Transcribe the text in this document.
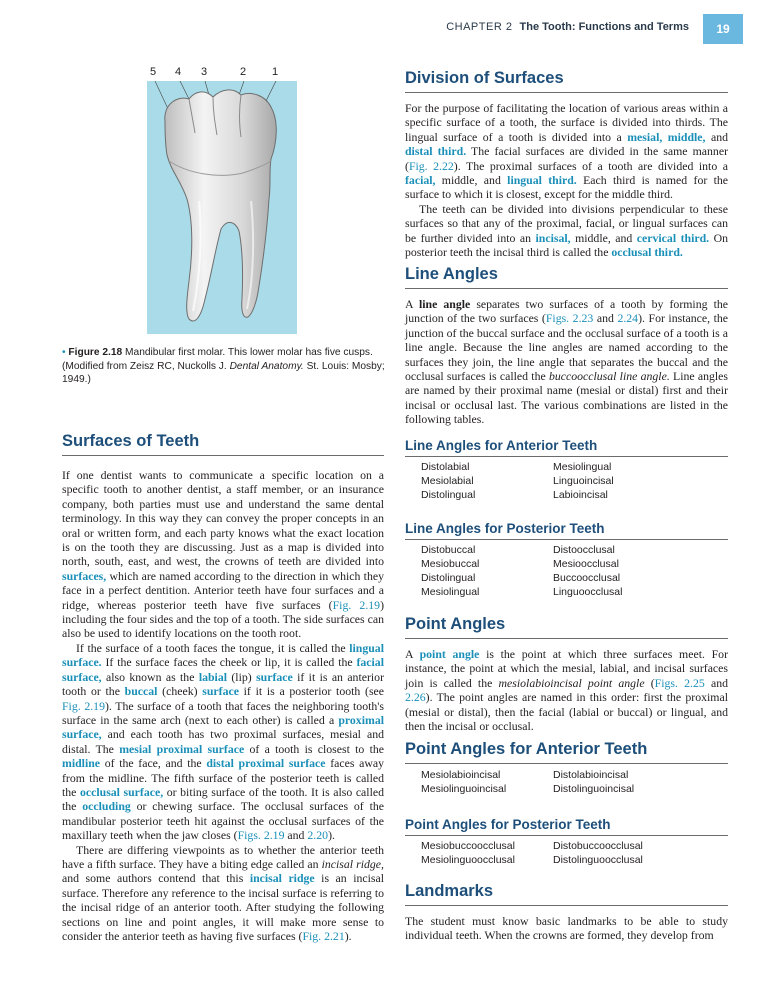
CHAPTER 2 The Tooth: Functions and Terms	19
5 4 3	2 1
• Figure 2.18 Mandibular first molar. This lower molar has five cusps. (Modified from Zeisz RC, Nuckolls J. Dental Anatomy. St. Louis: Mosby; 1949.)
Surfaces of Teeth

If one dentist wants to communicate a specific location on a specific tooth to another dentist, a staff member, or an insurance company, both parties must use and understand the same dental terminology. In this way they can convey the proper concepts in an oral or written form, and each party knows what the exact location is on the tooth they are discussing. Just as a map is divided into north, south, east, and west, the crowns of teeth are divided into surfaces, which are named according to the direction in which they face in a perfect dentition. Anterior teeth have four surfaces and a ridge, whereas posterior teeth have five surfaces (Fig. 2.19) including the four sides and the top of a tooth. The side surfaces can also be used to identify locations on the tooth root.

If the surface of a tooth faces the tongue, it is called the lingual surface. If the surface faces the cheek or lip, it is called the facial surface, also known as the labial (lip) surface if it is an anterior tooth or the buccal (cheek) surface if it is a posterior tooth (see Fig. 2.19). The surface of a tooth that faces the neighboring tooth's surface in the same arch (next to each other) is called a proximal surface, and each tooth has two proximal surfaces, mesial and distal. The mesial proximal surface of a tooth is closest to the midline of the face, and the distal proximal surface faces away from the midline. The fifth surface of the posterior teeth is called the occlusal surface, or biting surface of the tooth. It is also called the occluding or chewing surface. The occlusal surfaces of the mandibular posterior teeth hit against the occlusal surfaces of the maxillary teeth when the jaw closes (Figs. 2.19 and 2.20).

There are differing viewpoints as to whether the anterior teeth have a fifth surface. They have a biting edge called an incisal ridge, and some authors contend that this incisal ridge is an incisal surface. Therefore any reference to the incisal surface is referring to the incisal ridge of an anterior tooth. After studying the following sections on line and point angles, it will make more sense to consider the anterior teeth as having five surfaces (Fig. 2.21).

Division of Surfaces

For the purpose of facilitating the location of various areas within a specific surface of a tooth, the surface is divided into thirds. The lingual surface of a tooth is divided into a mesial, middle, and distal third. The facial surfaces are divided in the same manner (Fig. 2.22). The proximal surfaces of a tooth are divided into a facial, middle, and lingual third. Each third is named for the surface to which it is closest, except for the middle third.

The teeth can be divided into divisions perpendicular to these surfaces so that any of the proximal, facial, or lingual surfaces can be further divided into an incisal, middle, and cervical third. On posterior teeth the incisal third is called the occlusal third.

Line Angles

A line angle separates two surfaces of a tooth by forming the junction of the two surfaces (Figs. 2.23 and 2.24). For instance, the junction of the buccal surface and the occlusal surface of a tooth is a line angle. Because the line angles are named according to the surfaces they join, the line angle that separates the buccal and the occlusal surfaces is called the buccoocclusal line angle. Line angles are named by their proximal name (mesial or distal) first and their incisal or occlusal last. The various combinations are listed in the following tables.

Line Angles for Anterior Teeth
Distolabial
Mesiolabial
Distolingual
Mesiolingual
Linguoincisal
Labioincisal
Line Angles for Posterior Teeth
Distobuccal
Mesiobuccal
Distolingual
Mesiolingual
Distoocclusal
Mesioocclusal
Buccoocclusal
Linguoocclusal
Point Angles

A point angle is the point at which three surfaces meet. For instance, the point at which the mesial, labial, and incisal surfaces join is called the mesiolabioincisal point angle (Figs. 2.25 and 2.26). The point angles are named in this order: first the proximal (mesial or distal), then the facial (labial or buccal) or lingual, and then the incisal or occlusal.

Point Angles for Anterior Teeth
Mesiolabioincisal
Mesiolinguoincisal
Distolabioincisal
Distolinguoincisal
Point Angles for Posterior Teeth
Mesiobuccoocclusal
Mesiolinguoocclusal
Distobuccoocclusal
Distolinguoocclusal
Landmarks

The student must know basic landmarks to be able to study individual teeth. When the crowns are formed, they develop from
